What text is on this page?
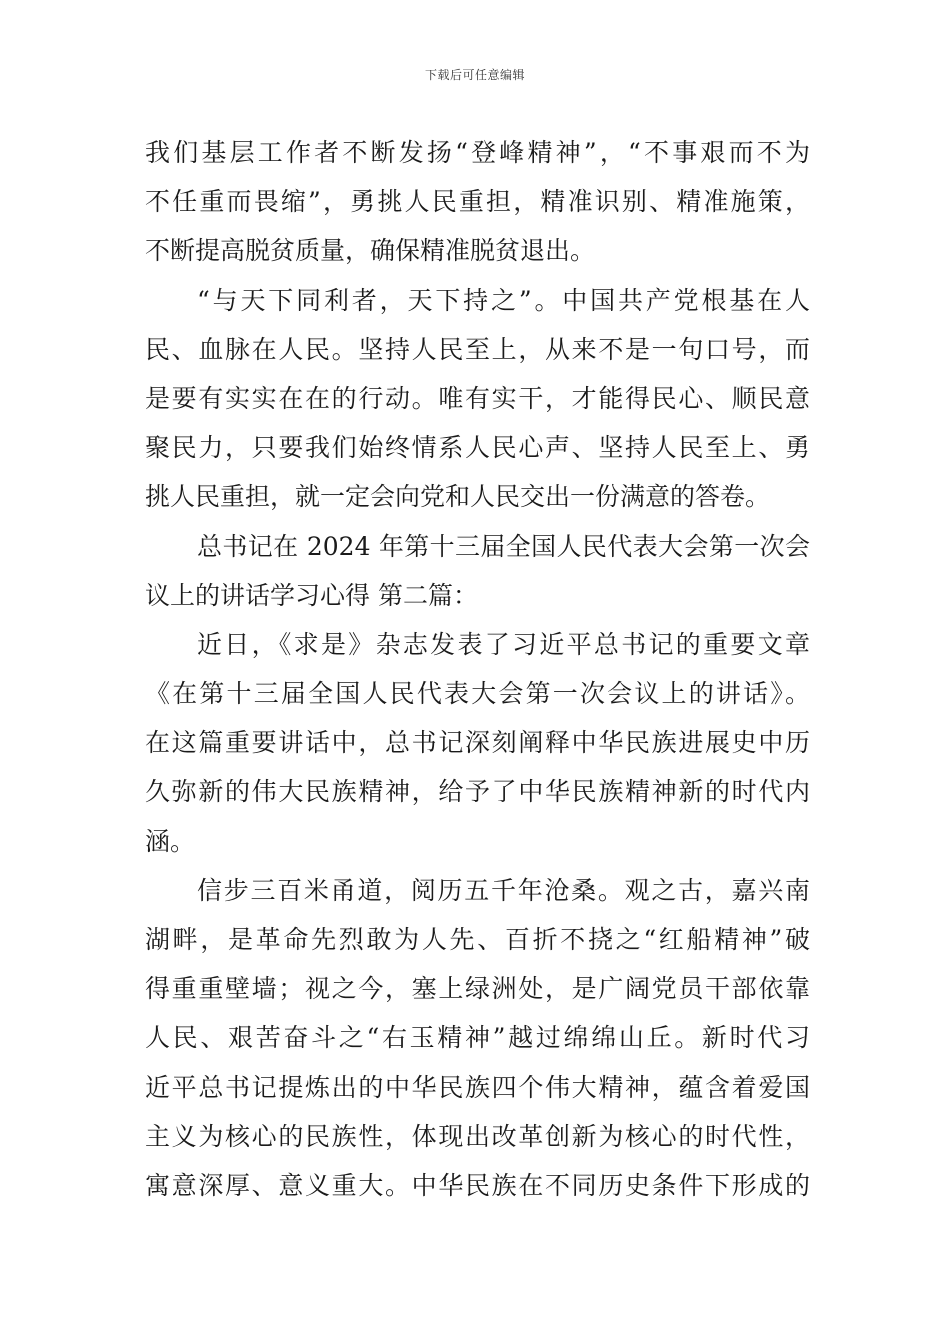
下载后可任意编辑
我们基层工作者不断发扬“登峰精神”，“不事艰而不为
不任重而畏缩”，勇挑人民重担，精准识别、精准施策，
不断提高脱贫质量，确保精准脱贫退出。
“与天下同利者，天下持之”。中国共产党根基在人
民、血脉在人民。坚持人民至上，从来不是一句口号，而
是要有实实在在的行动。唯有实干，才能得民心、顺民意
聚民力，只要我们始终情系人民心声、坚持人民至上、勇
挑人民重担，就一定会向党和人民交出一份满意的答卷。
总书记在 2024 年第十三届全国人民代表大会第一次会
议上的讲话学习心得 第二篇：
近日，《求是》杂志发表了习近平总书记的重要文章
《在第十三届全国人民代表大会第一次会议上的讲话》。
在这篇重要讲话中，总书记深刻阐释中华民族进展史中历
久弥新的伟大民族精神，给予了中华民族精神新的时代内
涵。
信步三百米甬道，阅历五千年沧桑。观之古，嘉兴南
湖畔，是革命先烈敢为人先、百折不挠之“红船精神”破
得重重壁墙；视之今，塞上绿洲处，是广阔党员干部依靠
人民、艰苦奋斗之“右玉精神”越过绵绵山丘。新时代习
近平总书记提炼出的中华民族四个伟大精神，蕴含着爱国
主义为核心的民族性，体现出改革创新为核心的时代性，
寓意深厚、意义重大。中华民族在不同历史条件下形成的
